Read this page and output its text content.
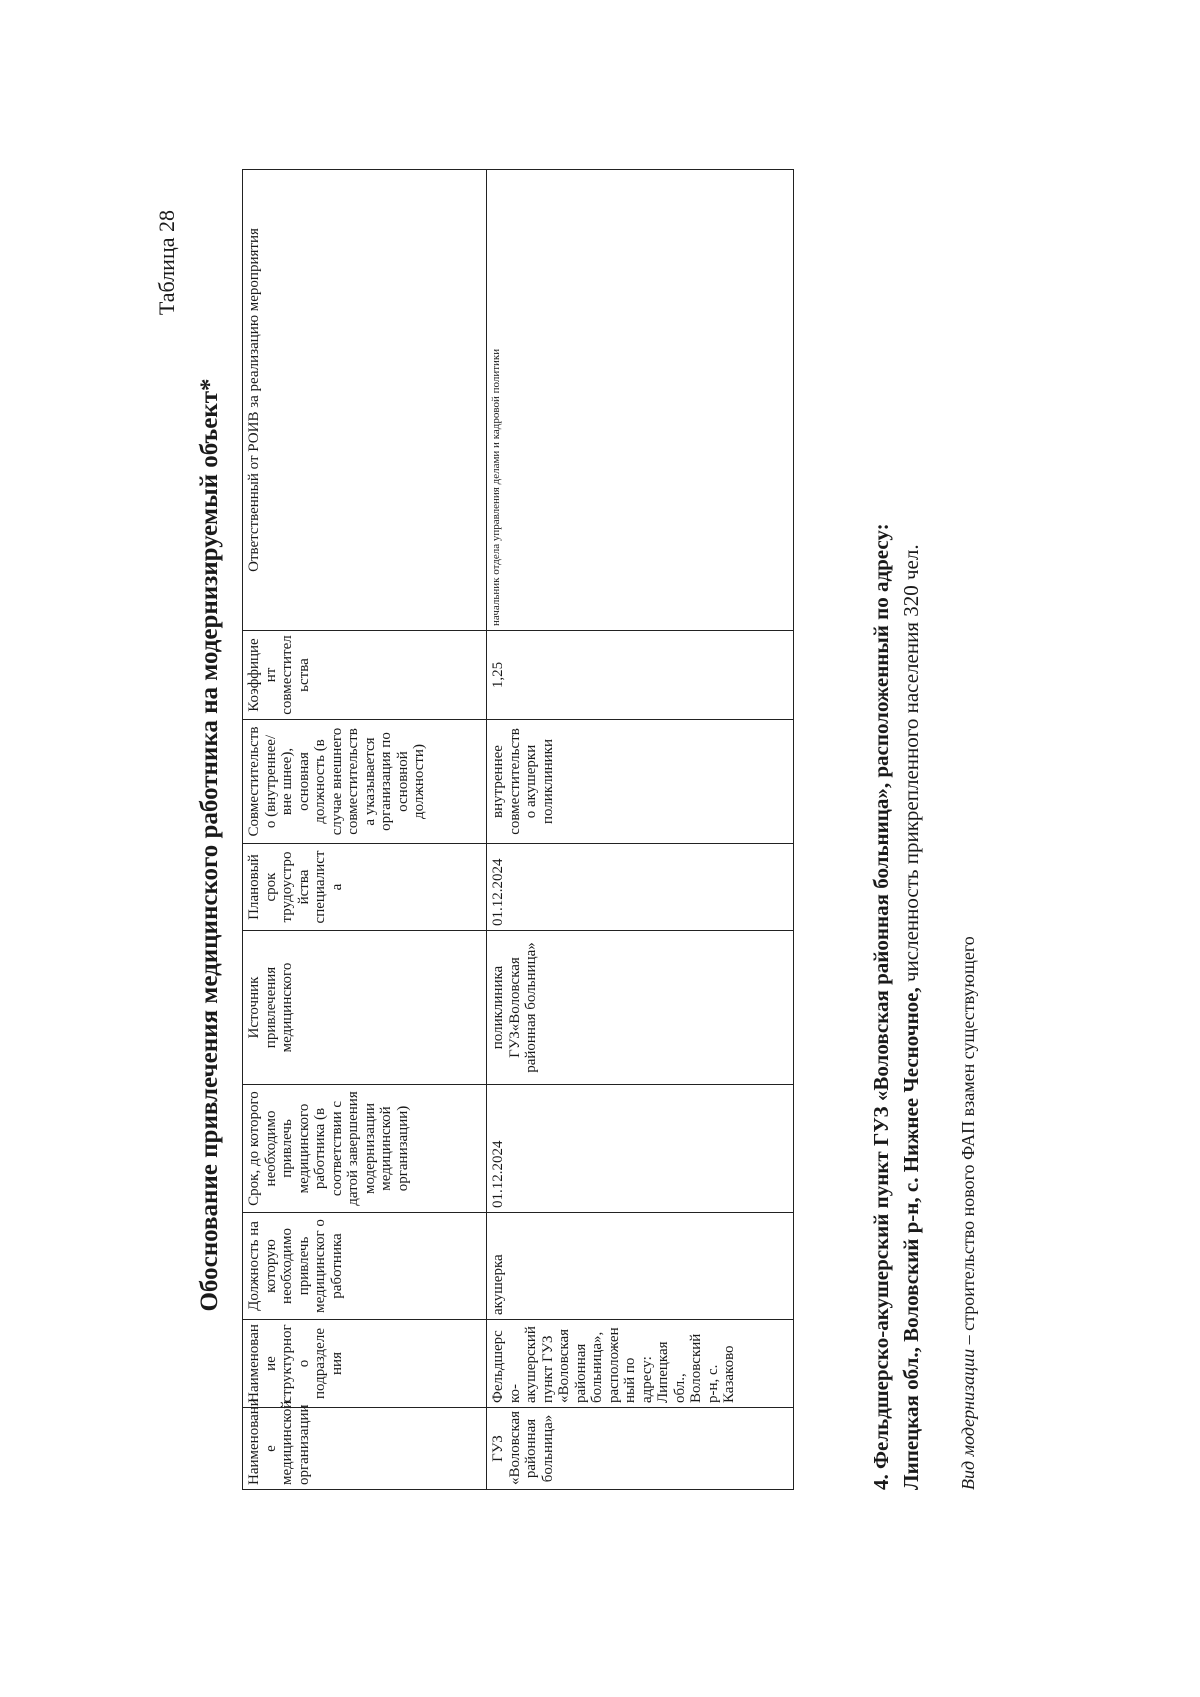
Таблица 28
Обоснование привлечения медицинского работника на модернизируемый объект*
Наименовани е медицинской организации	Наименован ие структурног о подразделе ния	Должность на которую необходимо привлечь медицинског о работника	Срок, до которого необходимо привлечь медицинского работника (в соответствии с датой завершения модернизации медицинской организации)	Источник привлечения медицинского	Плановый срок трудоустро йства специалист а	Совместительств о (внутреннее/вне шнее), основная должность (в случае внешнего совместительств а указывается организация по основной должности)	Коэффицие нт совместител ьства	Ответственный от РОИВ за реализацию мероприятия
ГУЗ «Воловская районная больница»	Фельдшерс ко-акушерский пункт ГУЗ «Воловская районная больница», расположен ный по адресу: Липецкая обл., Воловский р-н, с. Казаково	акушерка	01.12.2024	поликлиника ГУЗ«Воловская районная больница»	01.12.2024	внутреннее совместительств о акушерки поликлиники	1,25	начальник отдела управления делами и кадровой политики
4. Фельдшерско-акушерский пункт ГУЗ «Воловская районная больница», расположенный по адресу: Липецкая обл., Воловский р-н, с. Нижнее Чесночное, численность прикрепленного населения 320 чел.
Вид модернизации – строительство нового ФАП взамен существующего
